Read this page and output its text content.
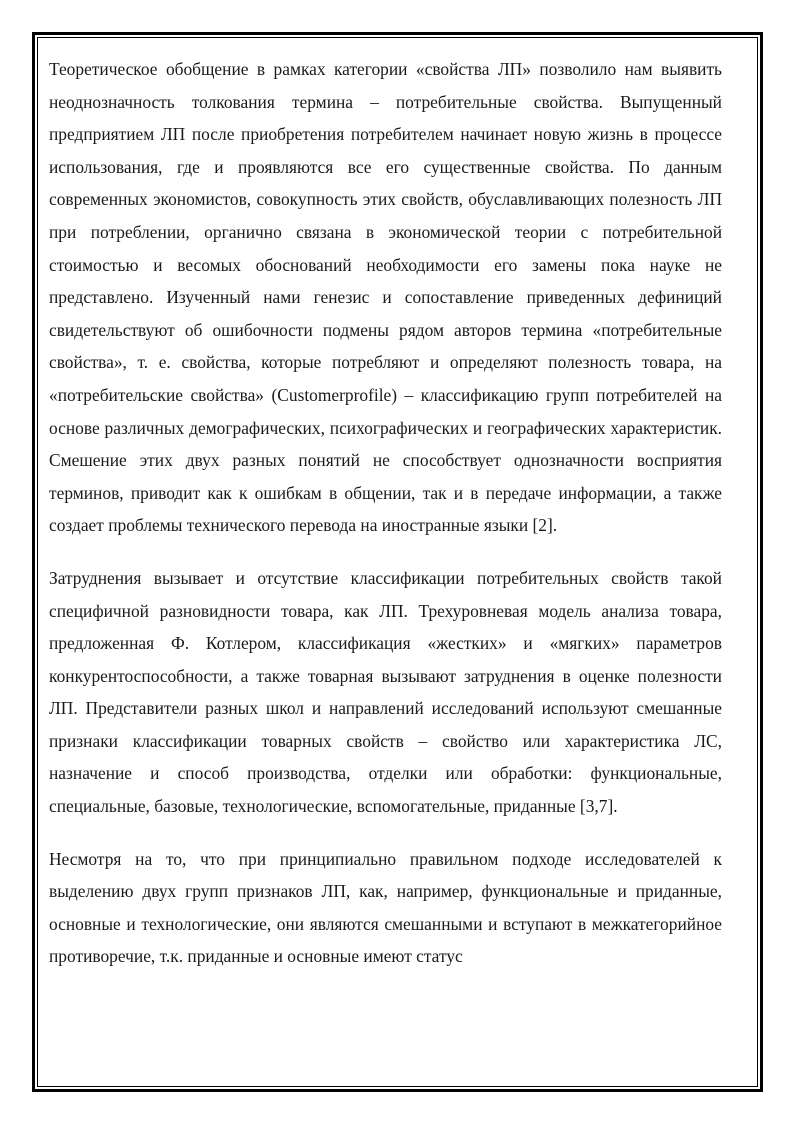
Теоретическое обобщение в рамках категории «свойства ЛП» позволило нам выявить неоднозначность толкования термина – потребительные свойства. Выпущенный предприятием ЛП после приобретения потребителем начинает новую жизнь в процессе использования, где и проявляются все его существенные свойства. По данным современных экономистов, совокупность этих свойств, обуславливающих полезность ЛП при потреблении, органично связана в экономической теории с потребительной стоимостью и весомых обоснований необходимости его замены пока науке не представлено. Изученный нами генезис и сопоставление приведенных дефиниций свидетельствуют об ошибочности подмены рядом авторов термина «потребительные свойства», т. е. свойства, которые потребляют и определяют полезность товара, на «потребительские свойства» (Customerprofile) – классификацию групп потребителей на основе различных демографических, психографических и географических характеристик. Смешение этих двух разных понятий не способствует однозначности восприятия терминов, приводит как к ошибкам в общении, так и в передаче информации, а также создает проблемы технического перевода на иностранные языки [2].

Затруднения вызывает и отсутствие классификации потребительных свойств такой специфичной разновидности товара, как ЛП. Трехуровневая модель анализа товара, предложенная Ф. Котлером, классификация «жестких» и «мягких» параметров конкурентоспособности, а также товарная вызывают затруднения в оценке полезности ЛП. Представители разных школ и направлений исследований используют смешанные признаки классификации товарных свойств – свойство или характеристика ЛС, назначение и способ производства, отделки или обработки: функциональные, специальные, базовые, технологические, вспомогательные, приданные [3,7].

Несмотря на то, что при принципиально правильном подходе исследователей к выделению двух групп признаков ЛП, как, например, функциональные и приданные, основные и технологические, они являются смешанными и вступают в межкатегорийное противоречие, т.к. приданные и основные имеют статус
